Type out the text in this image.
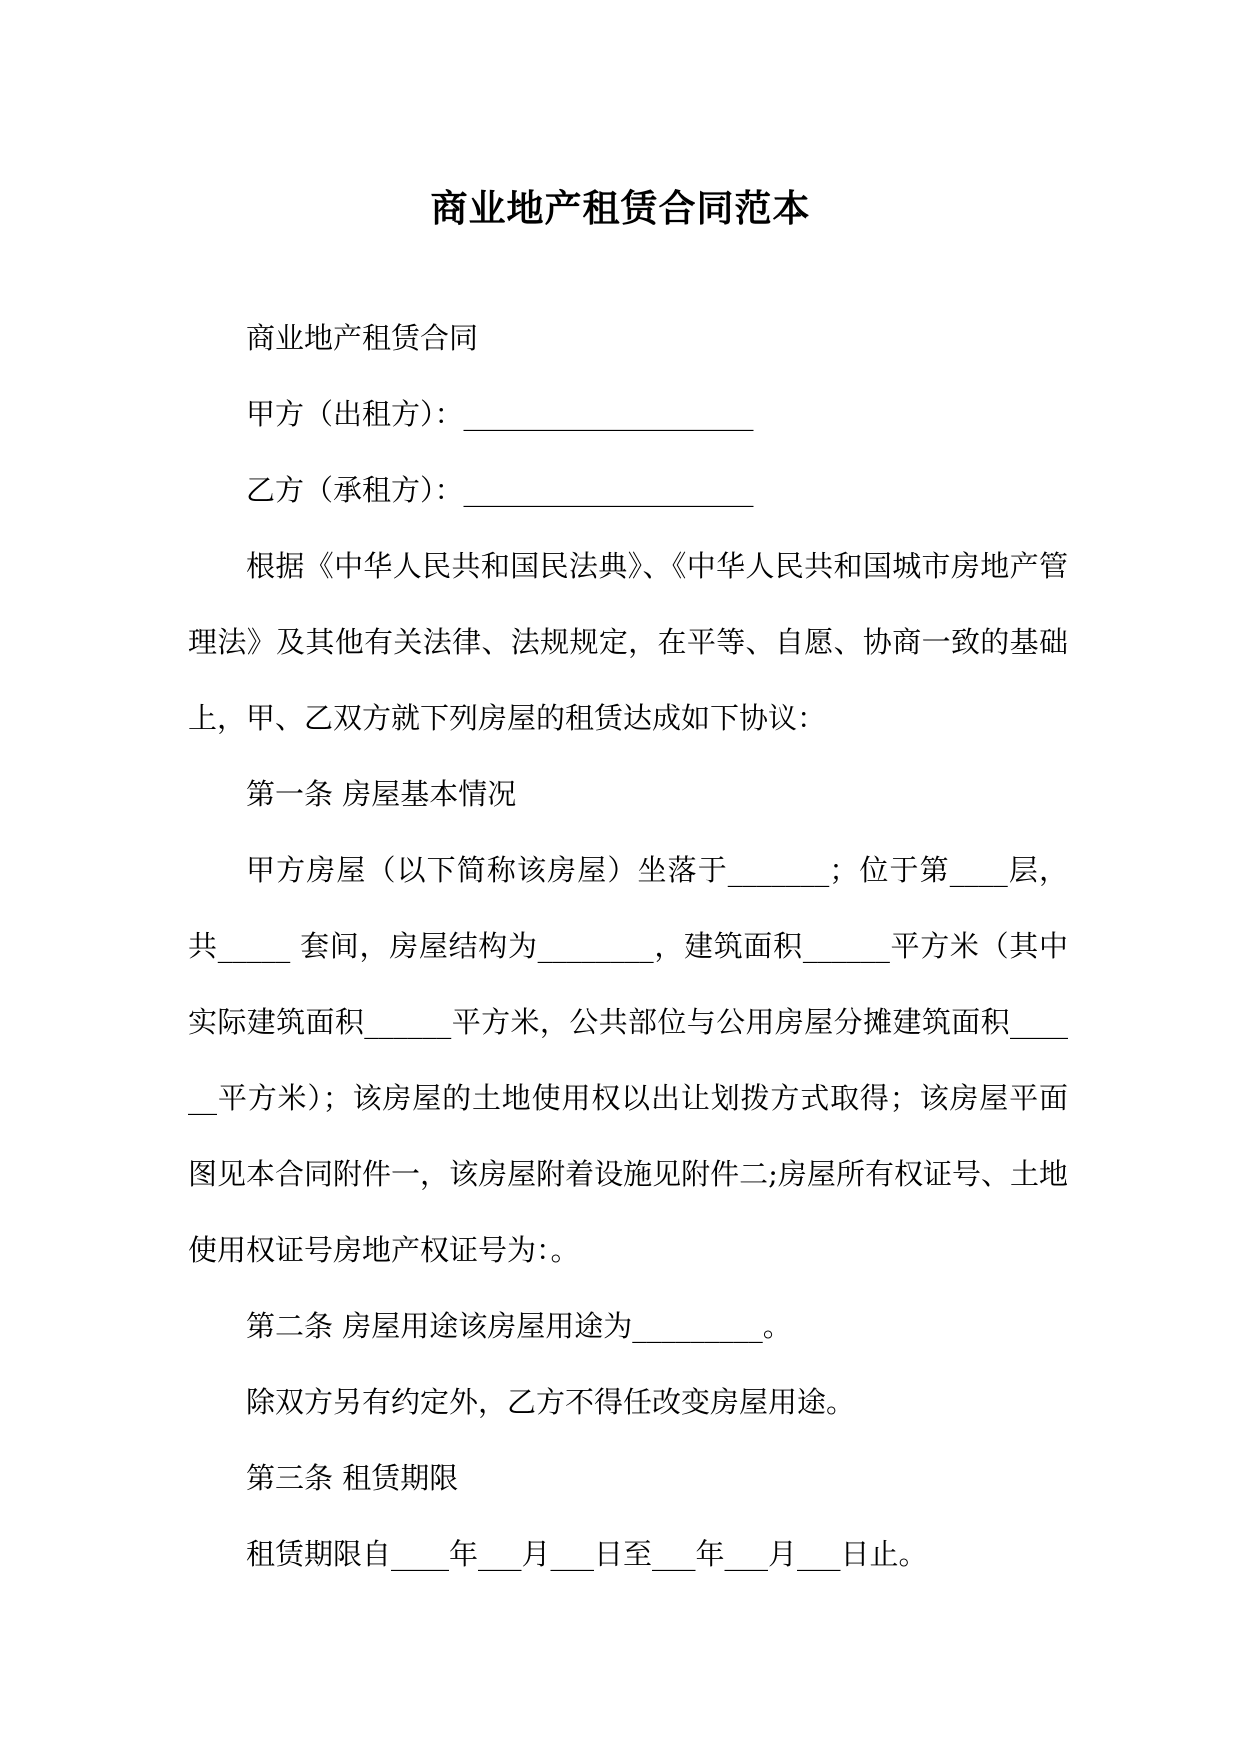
商业地产租赁合同范本

商业地产租赁合同

甲方（出租方）：____________________

乙方（承租方）：____________________

根据《中华人民共和国民法典》、《中华人民共和国城市房地产管理法》及其他有关法律、法规规定，在平等、自愿、协商一致的基础上，甲、乙双方就下列房屋的租赁达成如下协议：

第一条 房屋基本情况

甲方房屋（以下简称该房屋）坐落于_______；位于第____层，共_____ 套间，房屋结构为________，建筑面积______平方米（其中实际建筑面积______平方米，公共部位与公用房屋分摊建筑面积______平方米）；该房屋的土地使用权以出让划拨方式取得；该房屋平面图见本合同附件一，该房屋附着设施见附件二;房屋所有权证号、土地使用权证号房地产权证号为：。

第二条 房屋用途该房屋用途为_________。

除双方另有约定外，乙方不得任改变房屋用途。

第三条 租赁期限

租赁期限自____年___月___日至___年___月___日止。
